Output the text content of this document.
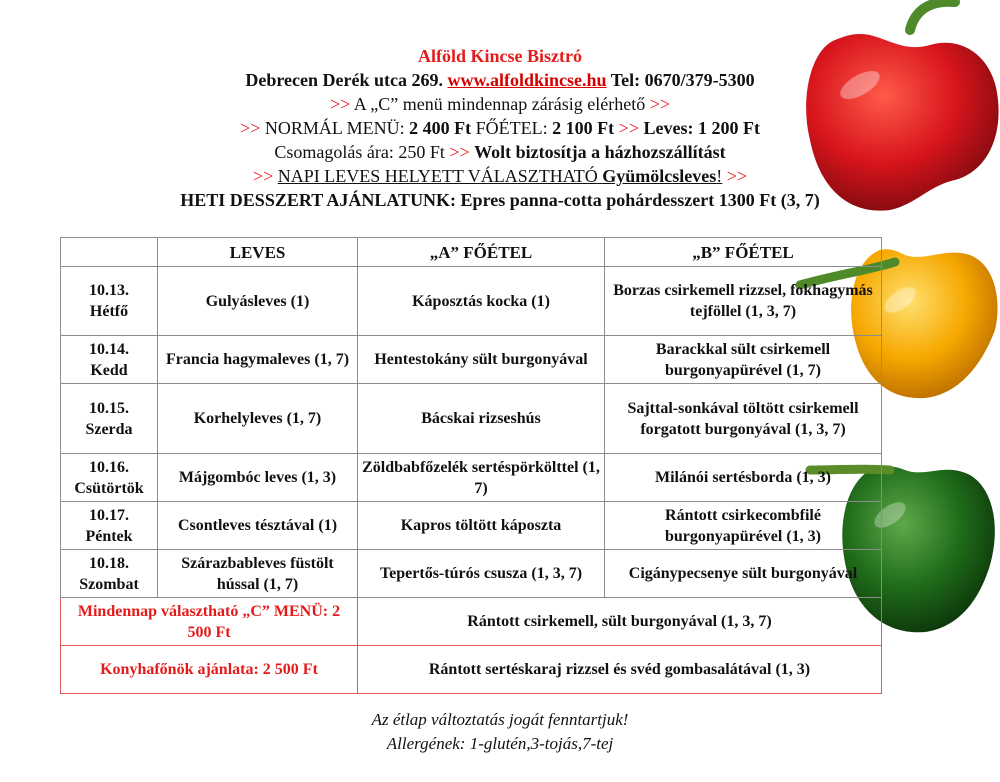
Alföld Kincse Bisztró
Debrecen Derék utca 269. www.alfoldkincse.hu Tel: 0670/379-5300
>> A „C” menü mindennap zárásig elérhető >>
>> NORMÁL MENÜ: 2 400 Ft FŐÉTEL: 2 100 Ft >> Leves: 1 200 Ft
Csomagolás ára: 250 Ft >> Wolt biztosítja a házhozszállítást
>> NAPI LEVES HELYETT VÁLASZTHATÓ Gyümölcsleves! >>
HETI DESSZERT AJÁNLATUNK: Epres panna-cotta pohárdesszert 1300 Ft (3, 7)
	LEVES	„A” FŐÉTEL	„B” FŐÉTEL

10.13.
Hétfő	Gulyásleves (1)	Káposztás kocka (1)	Borzas csirkemell rizzsel, fokhagymás tejföllel (1, 3, 7)

10.14.
Kedd	Francia hagymaleves (1, 7)	Hentestokány sült burgonyával	Barackkal sült csirkemell burgonyapürével (1, 7)

10.15.
Szerda	Korhelyleves (1, 7)	Bácskai rizseshús	Sajttal-sonkával töltött csirkemell forgatott burgonyával (1, 3, 7)

10.16.
Csütörtök	Májgombóc leves (1, 3)	Zöldbabfőzelék sertéspörkölttel (1, 7)	Milánói sertésborda (1, 3)

10.17.
Péntek	Csontleves tésztával (1)	Kapros töltött káposzta	Rántott csirkecombfilé burgonyapürével (1, 3)

10.18.
Szombat	Szárazbableves füstölt hússal (1, 7)	Tepertős-túrós csusza (1, 3, 7)	Cigánypecsenye sült burgonyával
Mindennap választható „C” MENÜ: 2 500 Ft		Rántott csirkemell, sült burgonyával (1, 3, 7)	
Konyhafőnök ajánlata: 2 500 Ft		Rántott sertéskaraj rizzsel és svéd gombasalátával (1, 3)	
Az étlap változtatás jogát fenntartjuk!
Allergének: 1-glutén,3-tojás,7-tej
